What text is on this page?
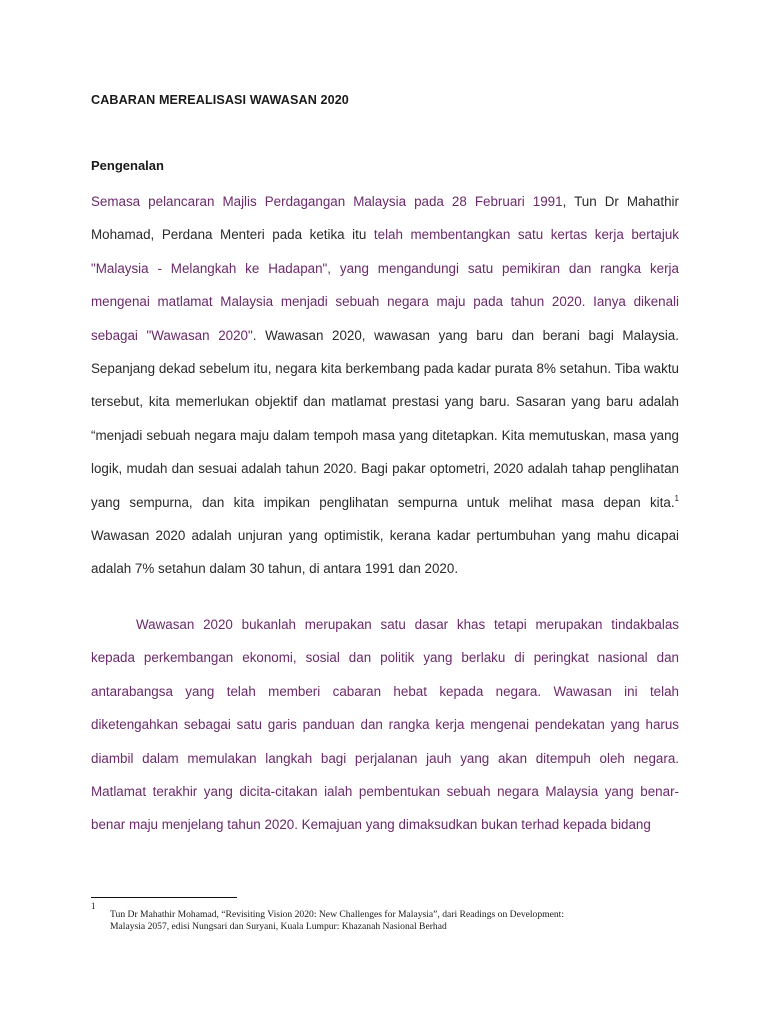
CABARAN MEREALISASI WAWASAN 2020
Pengenalan

Semasa pelancaran Majlis Perdagangan Malaysia pada 28 Februari 1991, Tun Dr Mahathir Mohamad, Perdana Menteri pada ketika itu telah membentangkan satu kertas kerja bertajuk "Malaysia - Melangkah ke Hadapan", yang mengandungi satu pemikiran dan rangka kerja mengenai matlamat Malaysia menjadi sebuah negara maju pada tahun 2020. Ianya dikenali sebagai "Wawasan 2020". Wawasan 2020, wawasan yang baru dan berani bagi Malaysia. Sepanjang dekad sebelum itu, negara kita berkembang pada kadar purata 8% setahun. Tiba waktu tersebut, kita memerlukan objektif dan matlamat prestasi yang baru. Sasaran yang baru adalah “menjadi sebuah negara maju dalam tempoh masa yang ditetapkan. Kita memutuskan, masa yang logik, mudah dan sesuai adalah tahun 2020. Bagi pakar optometri, 2020 adalah tahap penglihatan yang sempurna, dan kita impikan penglihatan sempurna untuk melihat masa depan kita.$^1$ Wawasan 2020 adalah unjuran yang optimistik, kerana kadar pertumbuhan yang mahu dicapai adalah 7% setahun dalam 30 tahun, di antara 1991 dan 2020.

Wawasan 2020 bukanlah merupakan satu dasar khas tetapi merupakan tindakbalas kepada perkembangan ekonomi, sosial dan politik yang berlaku di peringkat nasional dan antarabangsa yang telah memberi cabaran hebat kepada negara. Wawasan ini telah diketengahkan sebagai satu garis panduan dan rangka kerja mengenai pendekatan yang harus diambil dalam memulakan langkah bagi perjalanan jauh yang akan ditempuh oleh negara. Matlamat terakhir yang dicita-citakan ialah pembentukan sebuah negara Malaysia yang benar-benar maju menjelang tahun 2020. Kemajuan yang dimaksudkan bukan terhad kepada bidang

1
Tun Dr Mahathir Mohamad, “Revisiting Vision 2020: New Challenges for Malaysia”, dari Readings on Development:
Malaysia 2057, edisi Nungsari dan Suryani, Kuala Lumpur: Khazanah Nasional Berhad
